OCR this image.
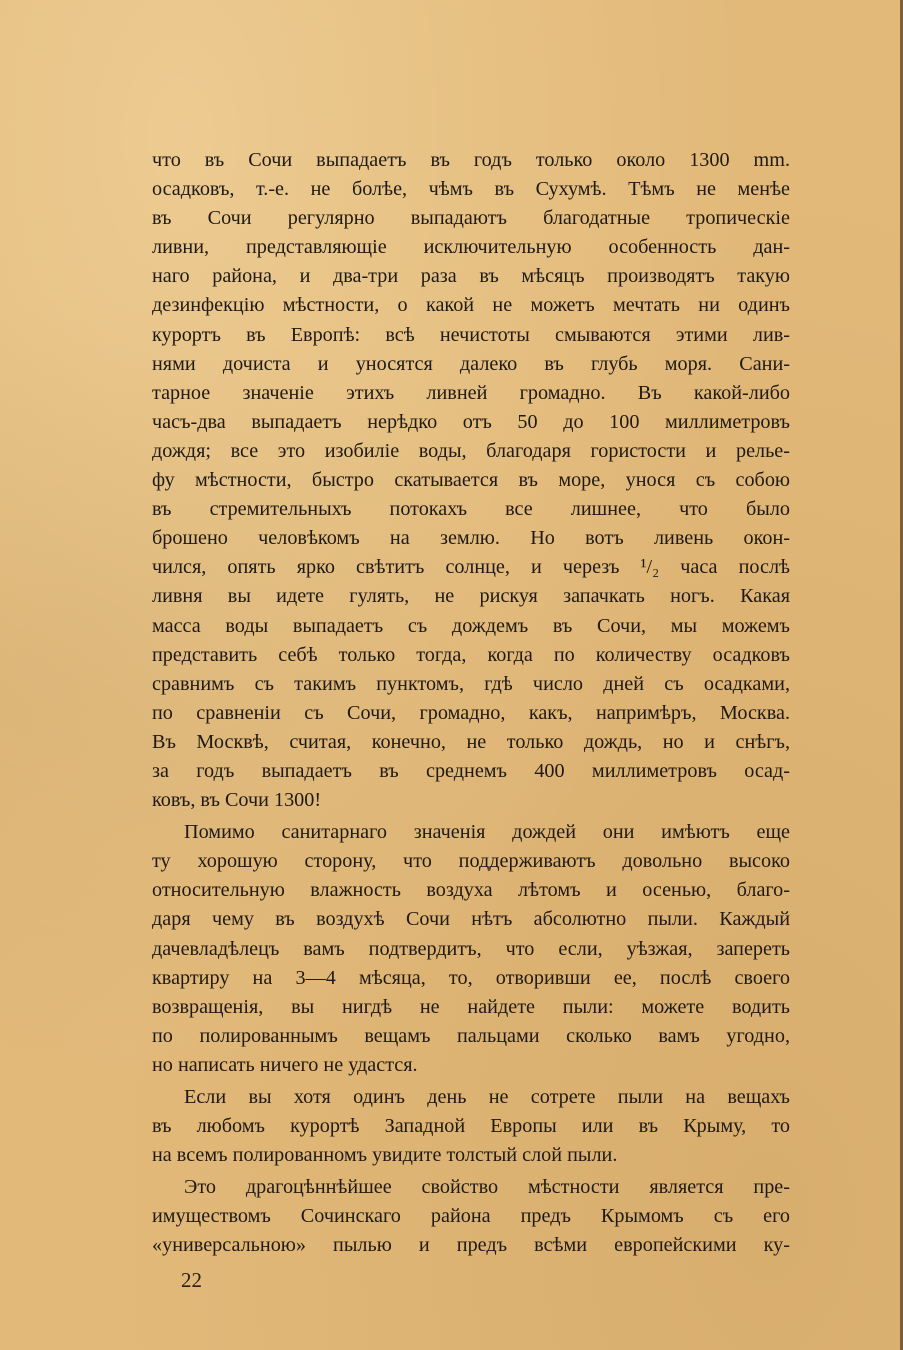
что въ Сочи выпадаетъ въ годъ только около 1300 mm.
осадковъ, т.-е. не болѣе, чѣмъ въ Сухумѣ. Тѣмъ не менѣе
въ Сочи регулярно выпадаютъ благодатные тропическіе
ливни, представляющіе исключительную особенность дан-
наго района, и два-три раза въ мѣсяцъ производятъ такую
дезинфекцію мѣстности, о какой не можетъ мечтать ни одинъ
курортъ въ Европѣ: всѣ нечистоты смываются этими лив-
нями дочиста и уносятся далеко въ глубь моря. Сани-
тарное значеніе этихъ ливней громадно. Въ какой-либо
часъ-два выпадаетъ нерѣдко отъ 50 до 100 миллиметровъ
дождя; все это изобиліе воды, благодаря гористости и релье-
фу мѣстности, быстро скатывается въ море, унося съ собою
въ стремительныхъ потокахъ все лишнее, что было
брошено человѣкомъ на землю. Но вотъ ливень окон-
чился, опять ярко свѣтитъ солнце, и черезъ ¹/₂ часа послѣ
ливня вы идете гулять, не рискуя запачкать ногъ. Какая
масса воды выпадаетъ съ дождемъ въ Сочи, мы можемъ
представить себѣ только тогда, когда по количеству осадковъ
сравнимъ съ такимъ пунктомъ, гдѣ число дней съ осадками,
по сравненіи съ Сочи, громадно, какъ, напримѣръ, Москва.
Въ Москвѣ, считая, конечно, не только дождь, но и снѣгъ,
за годъ выпадаетъ въ среднемъ 400 миллиметровъ осад-
ковъ, въ Сочи 1300!
Помимо санитарнаго значенія дождей они имѣютъ еще
ту хорошую сторону, что поддерживаютъ довольно высоко
относительную влажность воздуха лѣтомъ и осенью, благо-
даря чему въ воздухѣ Сочи нѣтъ абсолютно пыли. Каждый
дачевладѣлецъ вамъ подтвердитъ, что если, уѣзжая, запереть
квартиру на 3—4 мѣсяца, то, отворивши ее, послѣ своего
возвращенія, вы нигдѣ не найдете пыли: можете водить
по полированнымъ вещамъ пальцами сколько вамъ угодно,
но написать ничего не удастся.
Если вы хотя одинъ день не сотрете пыли на вещахъ
въ любомъ курортѣ Западной Европы или въ Крыму, то
на всемъ полированномъ увидите толстый слой пыли.
Это драгоцѣннѣйшее свойство мѣстности является пре-
имуществомъ Сочинскаго района предъ Крымомъ съ его
«универсальною» пылью и предъ всѣми европейскими ку-
22
